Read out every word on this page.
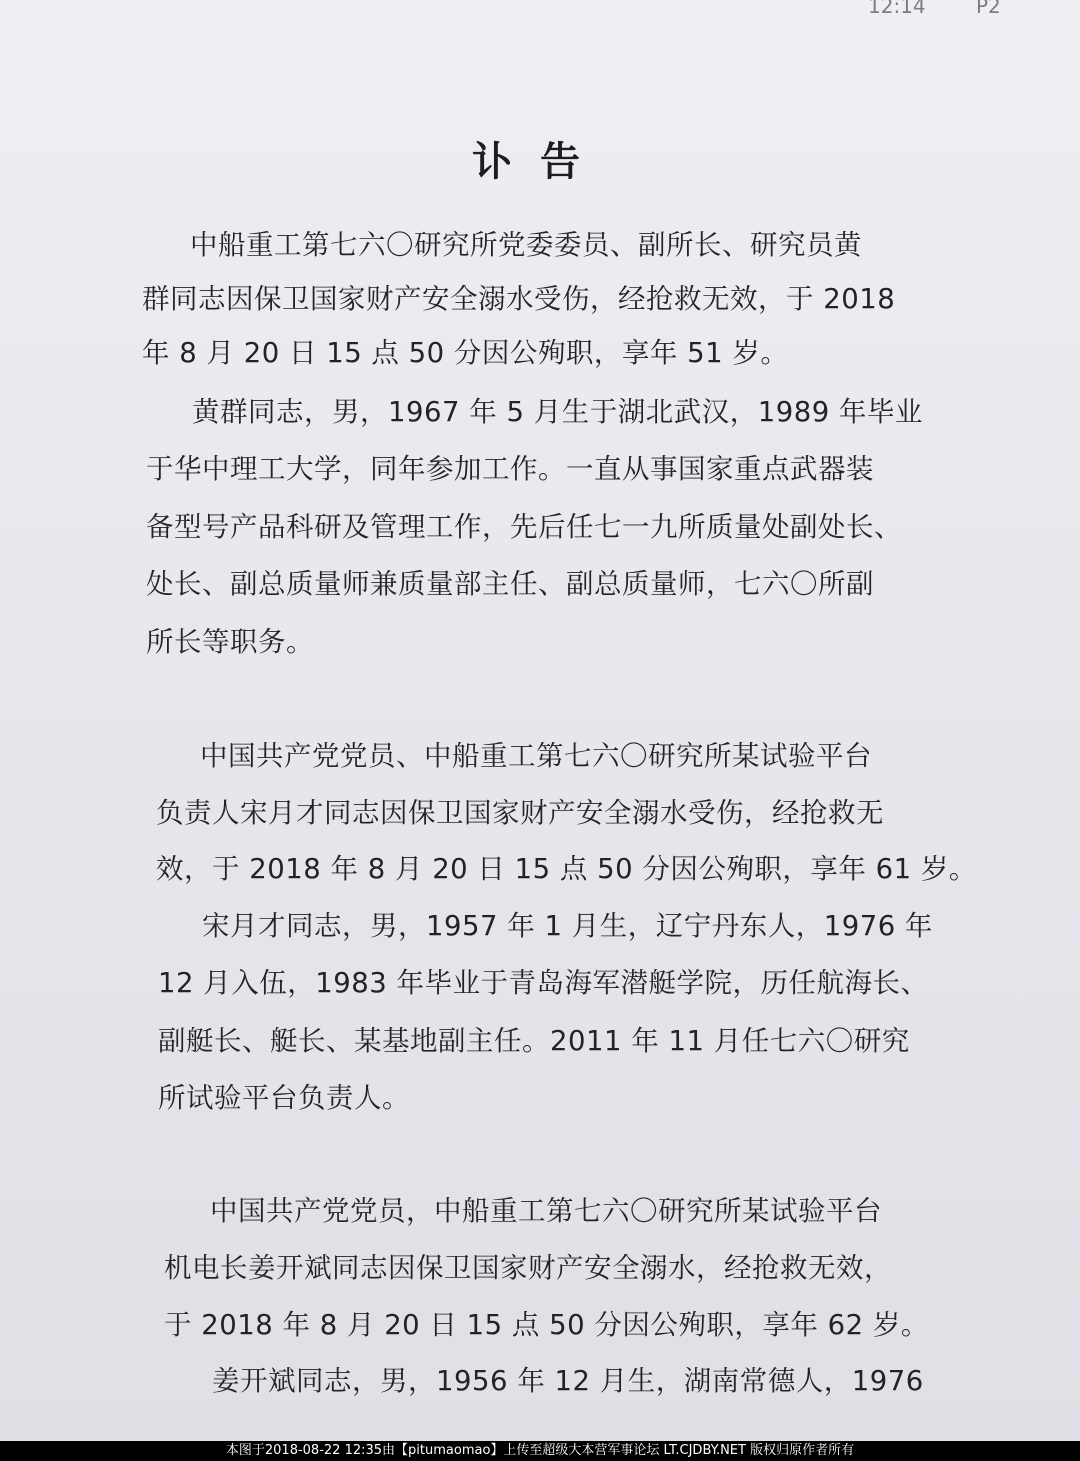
12:14	P2
讣告
中船重工第七六〇研究所党委委员、副所长、研究员黄
群同志因保卫国家财产安全溺水受伤，经抢救无效，于 2018
年 8 月 20 日 15 点 50 分因公殉职，享年 51 岁。
黄群同志，男，1967 年 5 月生于湖北武汉，1989 年毕业
于华中理工大学，同年参加工作。一直从事国家重点武器装
备型号产品科研及管理工作，先后任七一九所质量处副处长、
处长、副总质量师兼质量部主任、副总质量师，七六〇所副
所长等职务。
中国共产党党员、中船重工第七六〇研究所某试验平台
负责人宋月才同志因保卫国家财产安全溺水受伤，经抢救无
效，于 2018 年 8 月 20 日 15 点 50 分因公殉职，享年 61 岁。
宋月才同志，男，1957 年 1 月生，辽宁丹东人，1976 年
12 月入伍，1983 年毕业于青岛海军潜艇学院，历任航海长、
副艇长、艇长、某基地副主任。2011 年 11 月任七六〇研究
所试验平台负责人。
中国共产党党员，中船重工第七六〇研究所某试验平台
机电长姜开斌同志因保卫国家财产安全溺水，经抢救无效，
于 2018 年 8 月 20 日 15 点 50 分因公殉职，享年 62 岁。
姜开斌同志，男，1956 年 12 月生，湖南常德人，1976
本图于2018-08-22 12:35由【pitumaomao】上传至超级大本营军事论坛 LT.CJDBY.NET 版权归原作者所有
